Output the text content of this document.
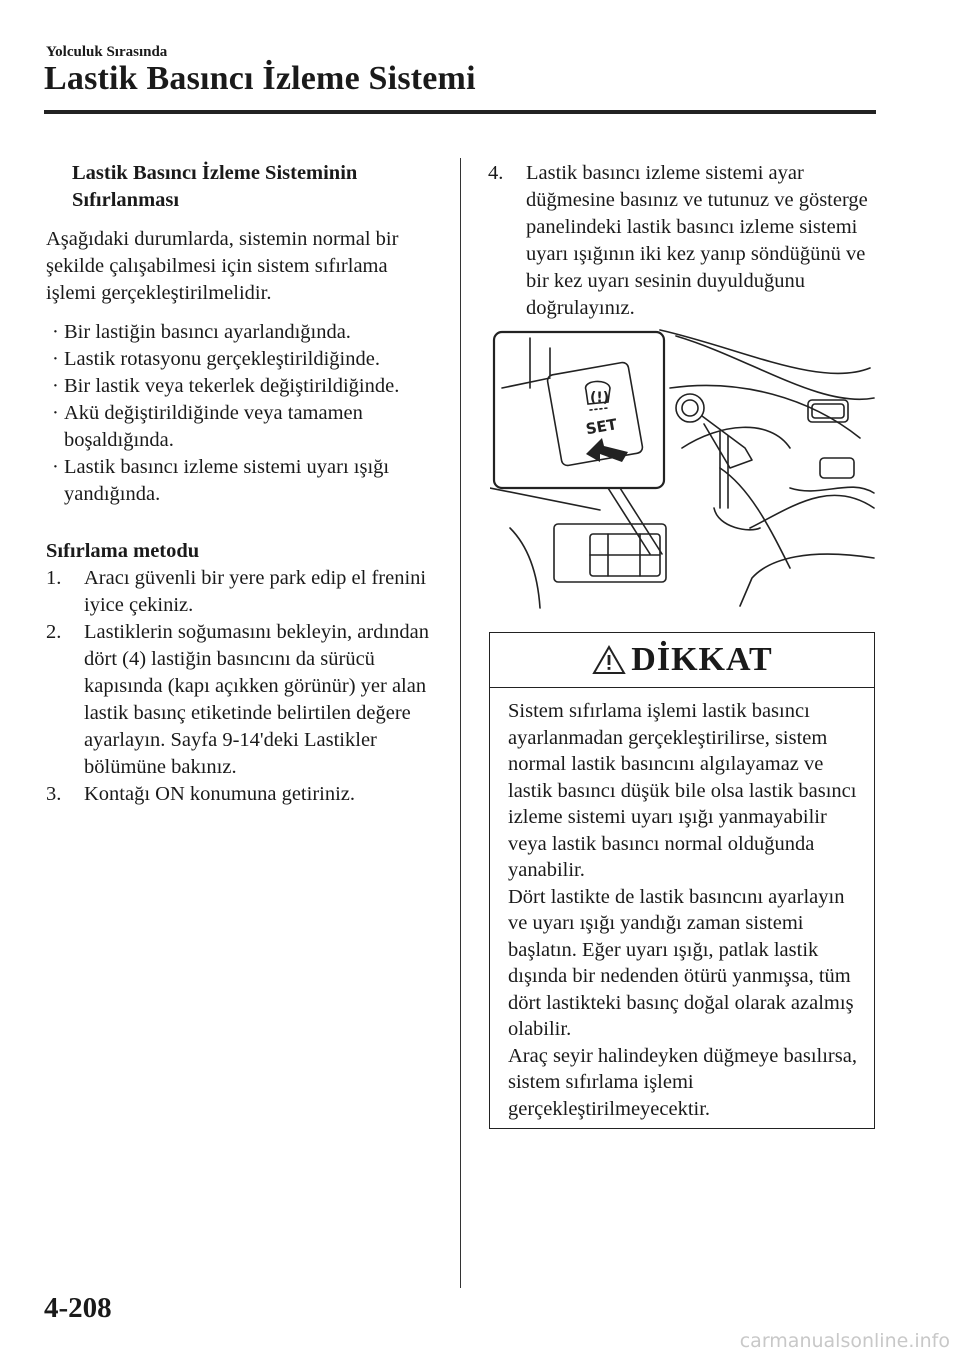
Yolculuk Sırasında
Lastik Basıncı İzleme Sistemi
Lastik Basıncı İzleme Sisteminin
Sıfırlanması
Aşağıdaki durumlarda, sistemin normal bir şekilde çalışabilmesi için sistem sıfırlama işlemi gerçekleştirilmelidir.
· Bir lastiğin basıncı ayarlandığında.
· Lastik rotasyonu gerçekleştirildiğinde.
· Bir lastik veya tekerlek değiştirildiğinde.
· Akü değiştirildiğinde veya tamamen boşaldığında.
· Lastik basıncı izleme sistemi uyarı ışığı yandığında.
Sıfırlama metodu
1. Aracı güvenli bir yere park edip el frenini iyice çekiniz.
2. Lastiklerin soğumasını bekleyin, ardından dört (4) lastiğin basıncını da sürücü kapısında (kapı açıkken görünür) yer alan lastik basınç etiketinde belirtilen değere ayarlayın. Sayfa 9-14'deki Lastikler bölümüne bakınız.
3. Kontağı ON konumuna getiriniz.
4. Lastik basıncı izleme sistemi ayar düğmesine basınız ve tutunuz ve gösterge panelindeki lastik basıncı izleme sistemi uyarı ışığının iki kez yanıp söndüğünü ve bir kez uyarı sesinin duyulduğunu doğrulayınız.
(!)
SET
DİKKAT
Sistem sıfırlama işlemi lastik basıncı ayarlanmadan gerçekleştirilirse, sistem normal lastik basıncını algılayamaz ve lastik basıncı düşük bile olsa lastik basıncı izleme sistemi uyarı ışığı yanmayabilir veya lastik basıncı normal olduğunda yanabilir.
Dört lastikte de lastik basıncını ayarlayın ve uyarı ışığı yandığı zaman sistemi başlatın. Eğer uyarı ışığı, patlak lastik dışında bir nedenden ötürü yanmışsa, tüm dört lastikteki basınç doğal olarak azalmış olabilir.
Araç seyir halindeyken düğmeye basılırsa, sistem sıfırlama işlemi gerçekleştirilmeyecektir.
4-208
carmanualsonline.info
